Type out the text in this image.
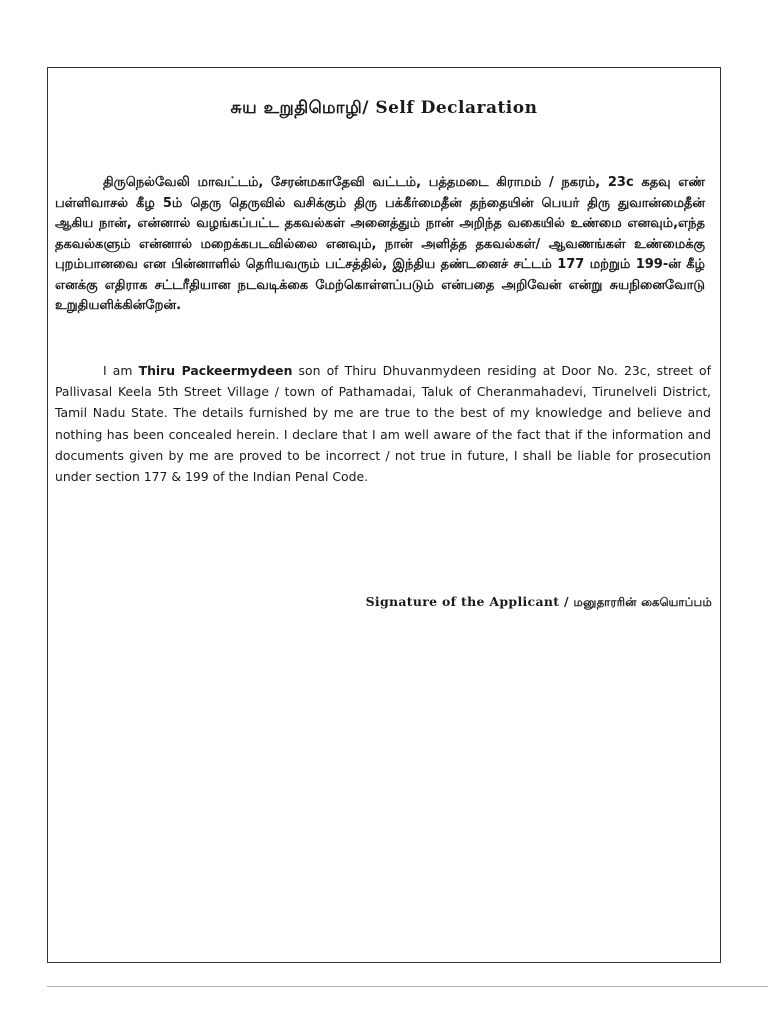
சுய உறுதிமொழி/ Self Declaration

திருநெல்வேலி மாவட்டம், சேரன்மகாதேவி வட்டம், பத்தமடை கிராமம் / நகரம், 23c கதவு எண் பள்ளிவாசல் கீழ 5ம் தெரு தெருவில் வசிக்கும் திரு பக்கீர்மைதீன் தந்தையின் பெயர் திரு துவான்மைதீன் ஆகிய நான், என்னால் வழங்கப்பட்ட தகவல்கள் அனைத்தும் நான் அறிந்த வகையில் உண்மை எனவும்,எந்த தகவல்களும் என்னால் மறைக்கபடவில்லை எனவும், நான் அளித்த தகவல்கள்/ ஆவணங்கள் உண்மைக்கு புறம்பானவை என பின்னாளில் தெரியவரும் பட்சத்தில், இந்திய தண்டனைச் சட்டம் 177 மற்றும் 199-ன் கீழ் எனக்கு எதிராக சட்டரீதியான நடவடிக்கை மேற்கொள்ளப்படும் என்பதை அறிவேன் என்று சுயநினைவோடு உறுதியளிக்கின்றேன்.

I am Thiru Packeermydeen son of Thiru Dhuvanmydeen residing at Door No. 23c, street of Pallivasal Keela 5th Street Village / town of Pathamadai, Taluk of Cheranmahadevi, Tirunelveli District, Tamil Nadu State. The details furnished by me are true to the best of my knowledge and believe and nothing has been concealed herein. I declare that I am well aware of the fact that if the information and documents given by me are proved to be incorrect / not true in future, I shall be liable for prosecution under section 177 & 199 of the Indian Penal Code.

Signature of the Applicant / மனுதாரரின் கையொப்பம்
